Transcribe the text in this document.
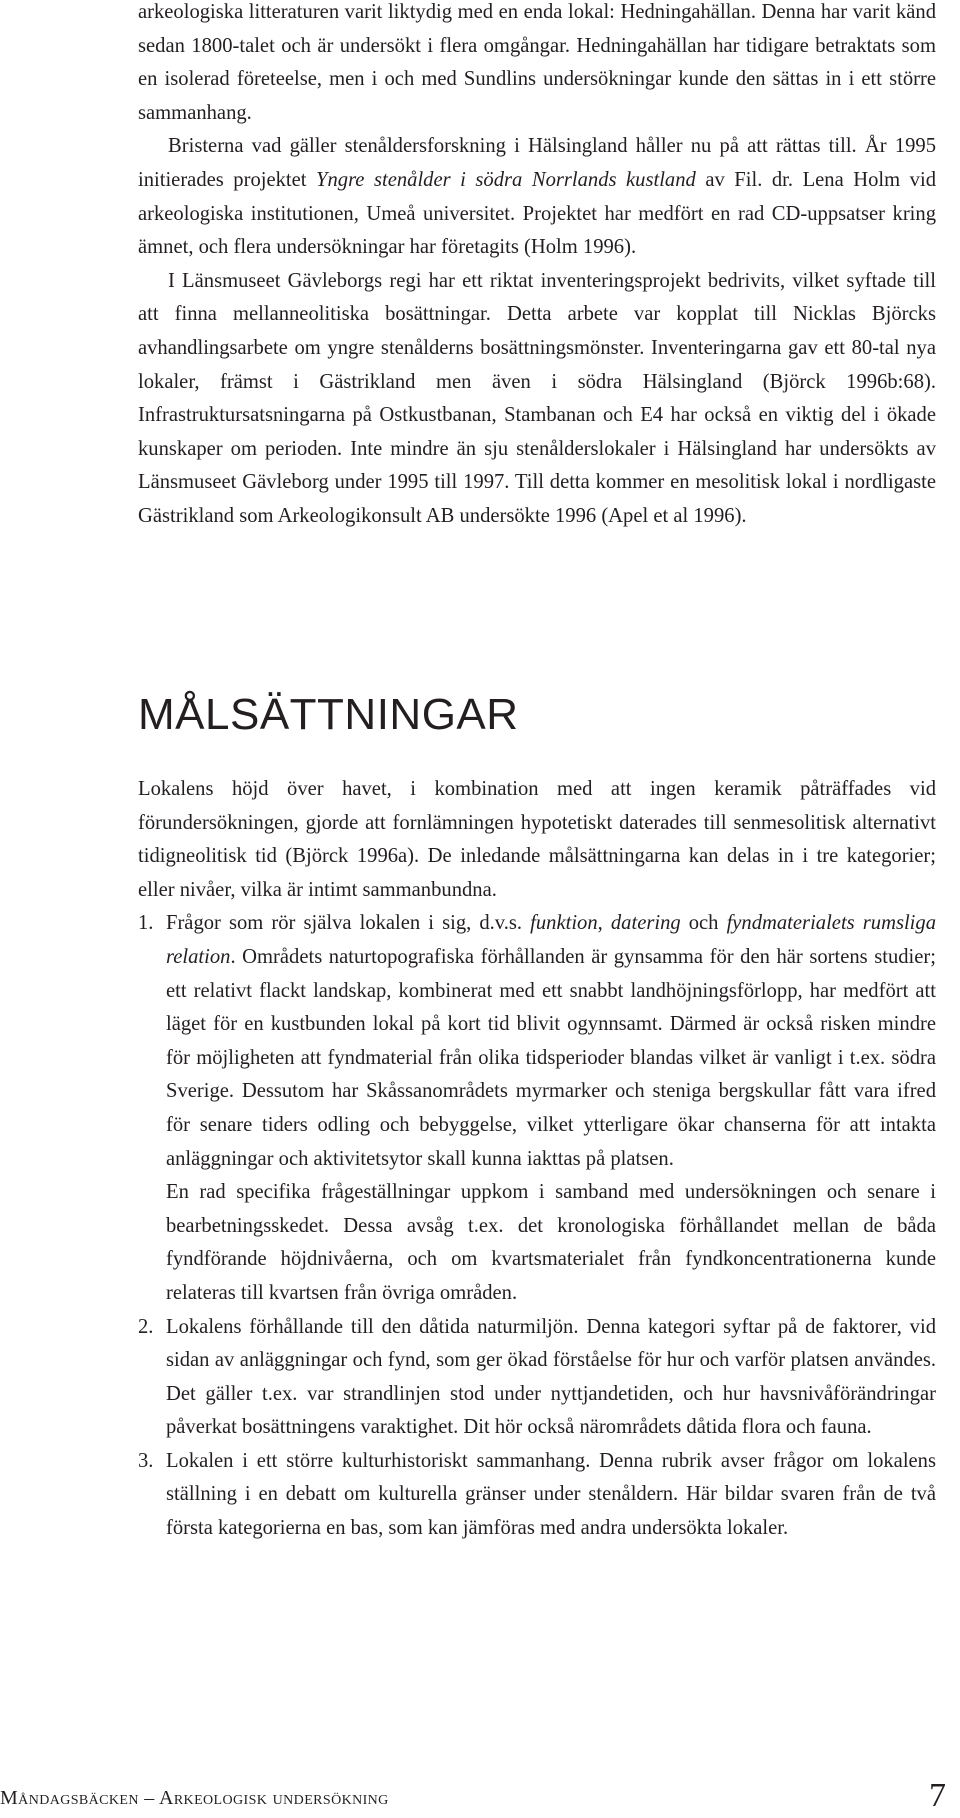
arkeologiska litteraturen varit liktydig med en enda lokal: Hedningahällan. Denna har varit känd sedan 1800-talet och är undersökt i flera omgångar. Hedningahällan har tidigare betraktats som en isolerad företeelse, men i och med Sundlins undersökningar kunde den sättas in i ett större sammanhang.

Bristerna vad gäller stenåldersforskning i Hälsingland håller nu på att rättas till. År 1995 initierades projektet Yngre stenålder i södra Norrlands kustland av Fil. dr. Lena Holm vid arkeologiska institutionen, Umeå universitet. Projektet har medfört en rad CD-uppsatser kring ämnet, och flera undersökningar har företagits (Holm 1996).

I Länsmuseet Gävleborgs regi har ett riktat inventeringsprojekt bedrivits, vilket syftade till att finna mellanneolitiska bosättningar. Detta arbete var kopplat till Nicklas Björcks avhandlingsarbete om yngre stenålderns bosättningsmönster. Inventeringarna gav ett 80-tal nya lokaler, främst i Gästrikland men även i södra Hälsingland (Björck 1996b:68). Infrastruktursatsningarna på Ostkustbanan, Stambanan och E4 har också en viktig del i ökade kunskaper om perioden. Inte mindre än sju stenålderslokaler i Hälsingland har undersökts av Länsmuseet Gävleborg under 1995 till 1997. Till detta kommer en mesolitisk lokal i nordligaste Gästrikland som Arkeologikonsult AB undersökte 1996 (Apel et al 1996).

MÅLSÄTTNINGAR

Lokalens höjd över havet, i kombination med att ingen keramik påträffades vid förundersökningen, gjorde att fornlämningen hypotetiskt daterades till senmesolitisk alternativt tidigneolitisk tid (Björck 1996a). De inledande målsättningarna kan delas in i tre kategorier; eller nivåer, vilka är intimt sammanbundna.

1. Frågor som rör själva lokalen i sig, d.v.s. funktion, datering och fyndmaterialets rumsliga relation. Områdets naturtopografiska förhållanden är gynsamma för den här sortens studier; ett relativt flackt landskap, kombinerat med ett snabbt landhöjningsförlopp, har medfört att läget för en kustbunden lokal på kort tid blivit ogynnsamt. Därmed är också risken mindre för möjligheten att fyndmaterial från olika tidsperioder blandas vilket är vanligt i t.ex. södra Sverige. Dessutom har Skåssanområdets myrmarker och steniga bergskullar fått vara ifred för senare tiders odling och bebyggelse, vilket ytterligare ökar chanserna för att intakta anläggningar och aktivitetsytor skall kunna iakttas på platsen.

En rad specifika frågeställningar uppkom i samband med undersökningen och senare i bearbetningsskedet. Dessa avsåg t.ex. det kronologiska förhållandet mellan de båda fyndförande höjdnivåerna, och om kvartsmaterialet från fyndkoncentrationerna kunde relateras till kvartsen från övriga områden.

2. Lokalens förhållande till den dåtida naturmiljön. Denna kategori syftar på de faktorer, vid sidan av anläggningar och fynd, som ger ökad förståelse för hur och varför platsen användes. Det gäller t.ex. var strandlinjen stod under nyttjandetiden, och hur havsnivåförändringar påverkat bosättningens varaktighet. Dit hör också närområdets dåtida flora och fauna.

3. Lokalen i ett större kulturhistoriskt sammanhang. Denna rubrik avser frågor om lokalens ställning i en debatt om kulturella gränser under stenåldern. Här bildar svaren från de två första kategorierna en bas, som kan jämföras med andra undersökta lokaler.

Måndagsbäcken – Arkeologisk undersökning	7
